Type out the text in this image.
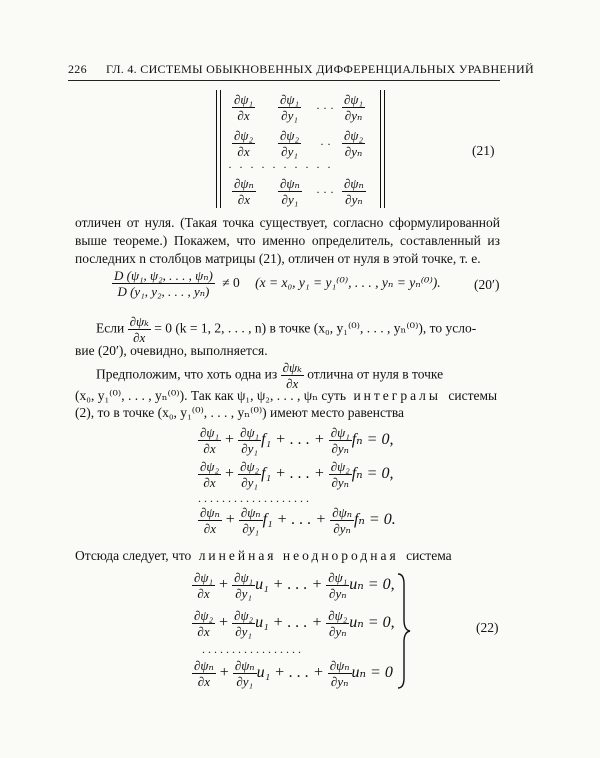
226 ГЛ. 4. СИСТЕМЫ ОБЫКНОВЕННЫХ ДИФФЕРЕНЦИАЛЬНЫХ УРАВНЕНИЙ
$\frac{\text{∂ψ₁}}{\partial x} \frac{\text{∂ψ₁}}{\text{∂y₁}}$ · · · $\frac{\text{∂ψ₁}}{\text{∂yₙ}}$
$\frac{\text{∂ψ₂}}{\partial x} \frac{\text{∂ψ₂}}{\text{∂y₁}}$ · · $\frac{\text{∂ψ₂}}{\text{∂yₙ}}$
· · · · · · · · · ·
$\frac{\text{∂ψₙ}}{\partial x} \frac{\text{∂ψₙ}}{\text{∂y₁}}$ · · · $\frac{\text{∂ψₙ}}{\text{∂yₙ}}$
(21)
отличен от нуля. (Такая точка существует, согласно сформулированной выше теореме.) Покажем, что именно определитель, составленный из последних n столбцов матрицы (21), отличен от нуля в этой точке, т. е.
$\frac{\text{D (ψ₁, ψ₂, . . . , ψₙ)}}{\text{D (y₁, y₂, . . . , yₙ)}} \ne 0$ (x = x₀, y₁ = y₁⁽⁰⁾, . . . , yₙ = yₙ⁽⁰⁾). (20′)
Если $\frac{\text{∂ψₖ}}{\partial x} = 0$ (k = 1, 2, . . . , n) в точке (x₀, y₁⁽⁰⁾, . . . , yₙ⁽⁰⁾), то усло-
вие (20′), очевидно, выполняется.
Предположим, что хоть одна из $\frac{\text{∂ψₖ}}{\partial x}$ отлична от нуля в точке
(x₀, y₁⁽⁰⁾, . . . , yₙ⁽⁰⁾). Так как ψ₁, ψ₂, . . . , ψₙ суть интегралы системы
(2), то в точке (x₀, y₁⁽⁰⁾, . . . , yₙ⁽⁰⁾) имеют место равенства
$\frac{\text{∂ψ₁}}{\partial x} + \frac{\text{∂ψ₁}}{\text{∂y₁}} f_1$ + . . . + $\frac{\text{∂ψ₁}}{\text{∂yₙ}}$ fₙ = 0,
$\frac{\text{∂ψ₂}}{\partial x} + \frac{\text{∂ψ₂}}{\text{∂y₁}} f_1$ + . . . + $\frac{\text{∂ψ₂}}{\text{∂yₙ}}$ fₙ = 0,
. . . . . . . . . . . . . . . . . . .
$\frac{\text{∂ψₙ}}{\partial x} + \frac{\text{∂ψₙ}}{\text{∂y₁}} f_1$ + . . . + $\frac{\text{∂ψₙ}}{\text{∂yₙ}}$ fₙ = 0.
Отсюда следует, что линейная неоднородная система
$\frac{\text{∂ψ₁}}{\partial x} + \frac{\text{∂ψ₁}}{\text{∂y₁}} u_1$ + . . . + $\frac{\text{∂ψ₁}}{\text{∂yₙ}}$ uₙ = 0,
$\frac{\text{∂ψ₂}}{\partial x} + \frac{\text{∂ψ₂}}{\text{∂y₁}} u_1$ + . . . + $\frac{\text{∂ψ₂}}{\text{∂yₙ}}$ uₙ = 0,
. . . . . . . . . . . . . . . . .
$\frac{\text{∂ψₙ}}{\partial x} + \frac{\text{∂ψₙ}}{\text{∂y₁}} u_1$ + . . . + $\frac{\text{∂ψₙ}}{\text{∂yₙ}}$ uₙ = 0
(22)
